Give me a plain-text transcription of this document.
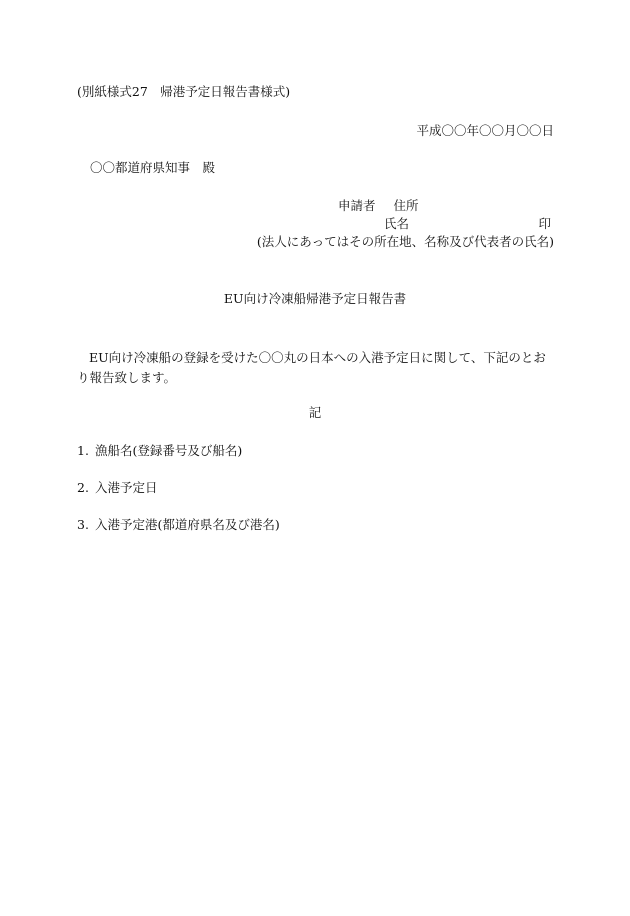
(別紙様式27　帰港予定日報告書様式)
平成〇〇年〇〇月〇〇日
〇〇都道府県知事　殿
申請者 住所
氏名	印
(法人にあってはその所在地、名称及び代表者の氏名)
EU向け冷凍船帰港予定日報告書
EU向け冷凍船の登録を受けた〇〇丸の日本への入港予定日に関して、下記のとおり報告致します。
記
1. 漁船名(登録番号及び船名)
2. 入港予定日
3. 入港予定港(都道府県名及び港名)
